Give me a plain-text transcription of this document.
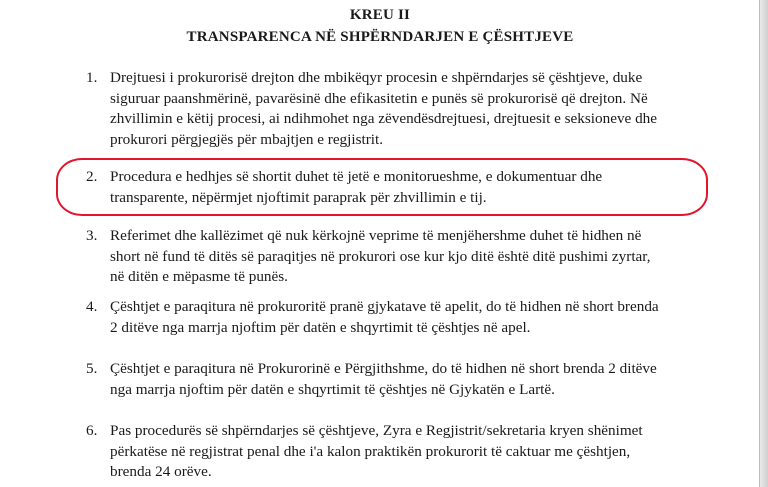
KREU II
TRANSPARENCA NË SHPËRNDARJEN E ÇËSHTJEVE
1. Drejtuesi i prokurorisë drejton dhe mbikëqyr procesin e shpërndarjes së çështjeve, duke
siguruar paanshmërinë, pavarësinë dhe efikasitetin e punës së prokurorisë që drejton. Në
zhvillimin e këtij procesi, ai ndihmohet nga zëvendësdrejtuesi, drejtuesit e seksioneve dhe
prokurori përgjegjës për mbajtjen e regjistrit.
2. Procedura e hedhjes së shortit duhet të jetë e monitorueshme, e dokumentuar dhe
transparente, nëpërmjet njoftimit paraprak për zhvillimin e tij.
3. Referimet dhe kallëzimet që nuk kërkojnë veprime të menjëhershme duhet të hidhen në
short në fund të ditës së paraqitjes në prokurori ose kur kjo ditë është ditë pushimi zyrtar,
në ditën e mëpasme të punës.
4. Çështjet e paraqitura në prokuroritë pranë gjykatave të apelit, do të hidhen në short brenda
2 ditëve nga marrja njoftim për datën e shqyrtimit të çështjes në apel.
5. Çështjet e paraqitura në Prokurorinë e Përgjithshme, do të hidhen në short brenda 2 ditëve
nga marrja njoftim për datën e shqyrtimit të çështjes në Gjykatën e Lartë.
6. Pas procedurës së shpërndarjes së çështjeve, Zyra e Regjistrit/sekretaria kryen shënimet
përkatëse në regjistrat penal dhe i'a kalon praktikën prokurorit të caktuar me çështjen,
brenda 24 orëve.
